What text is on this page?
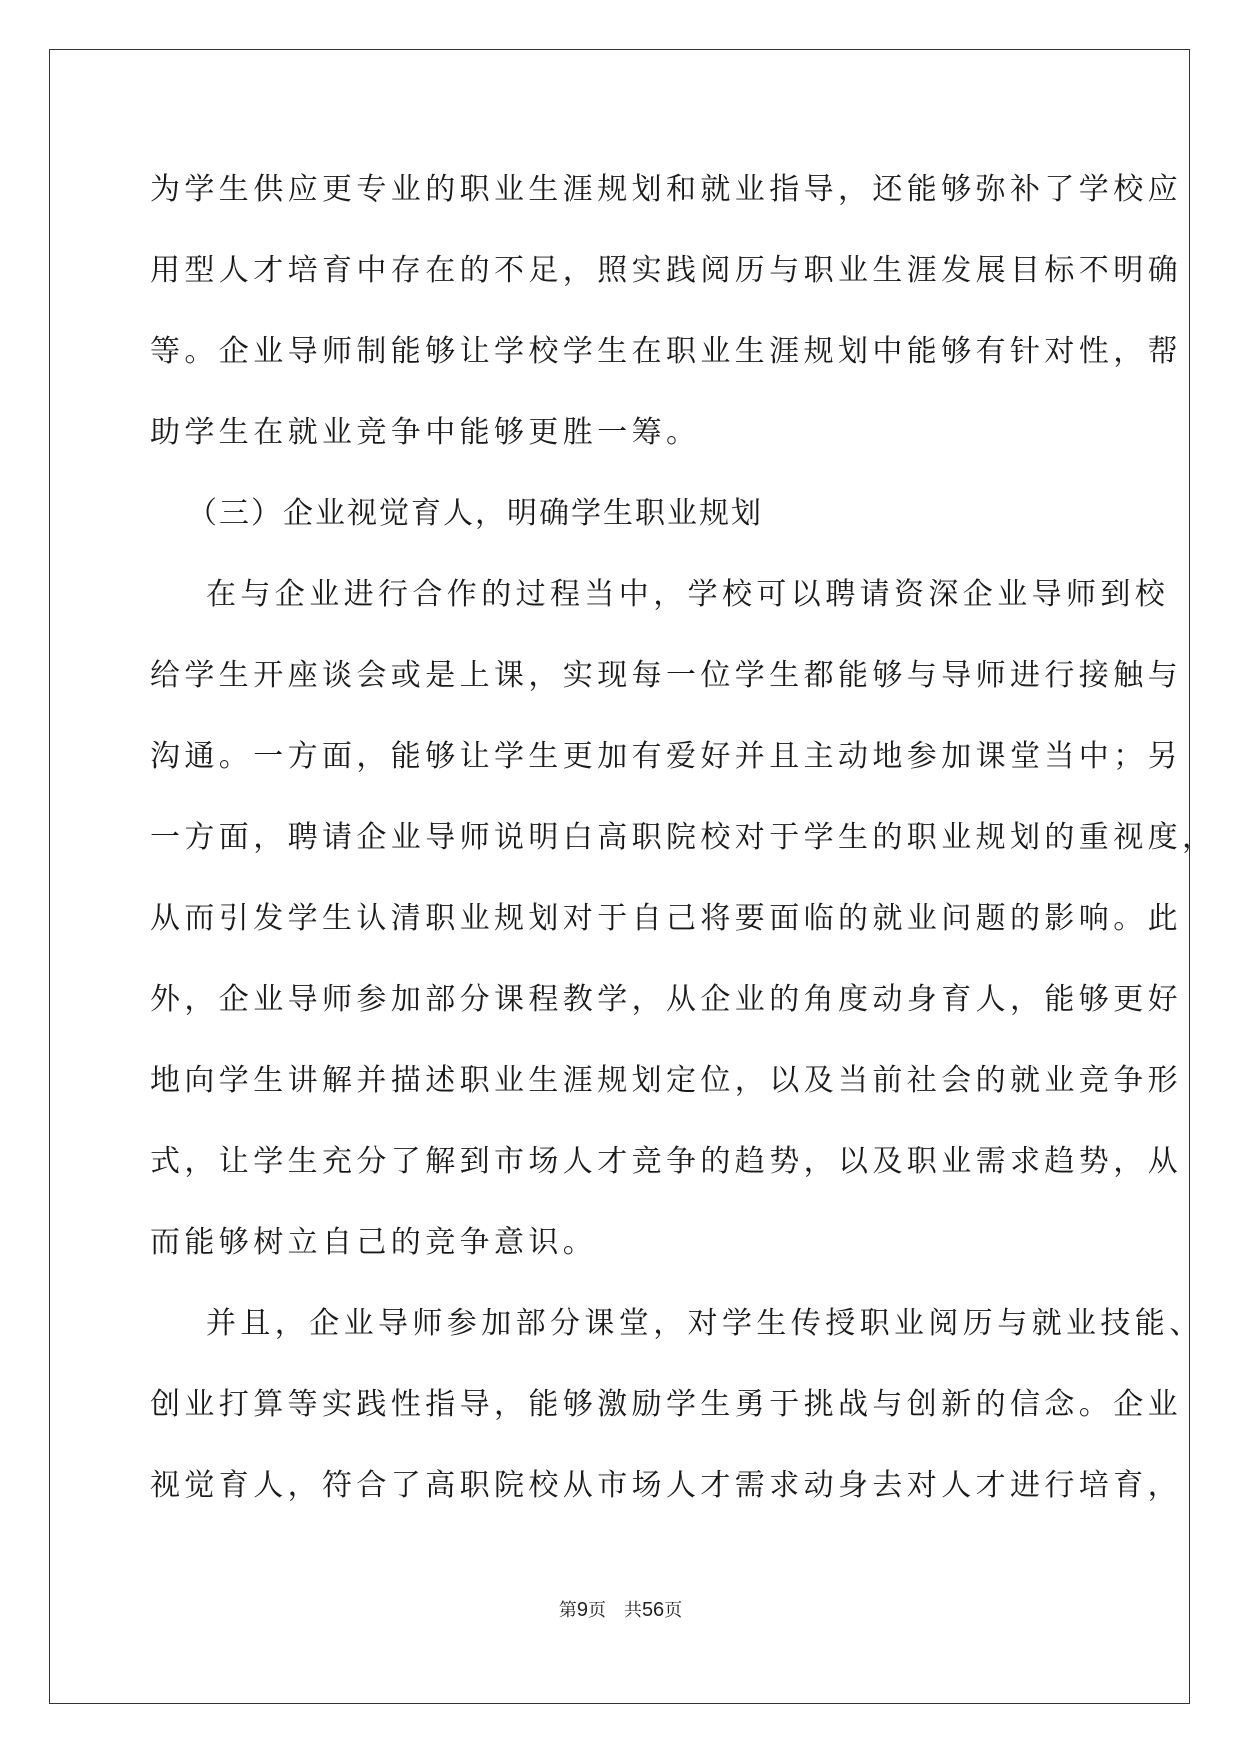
为学生供应更专业的职业生涯规划和就业指导，还能够弥补了学校应
用型人才培育中存在的不足，照实践阅历与职业生涯发展目标不明确
等。企业导师制能够让学校学生在职业生涯规划中能够有针对性，帮
助学生在就业竞争中能够更胜一筹。
（三）企业视觉育人，明确学生职业规划
在与企业进行合作的过程当中，学校可以聘请资深企业导师到校
给学生开座谈会或是上课，实现每一位学生都能够与导师进行接触与
沟通。一方面，能够让学生更加有爱好并且主动地参加课堂当中；另
一方面，聘请企业导师说明白高职院校对于学生的职业规划的重视度，
从而引发学生认清职业规划对于自己将要面临的就业问题的影响。此
外，企业导师参加部分课程教学，从企业的角度动身育人，能够更好
地向学生讲解并描述职业生涯规划定位，以及当前社会的就业竞争形
式，让学生充分了解到市场人才竞争的趋势，以及职业需求趋势，从
而能够树立自己的竞争意识。
并且，企业导师参加部分课堂，对学生传授职业阅历与就业技能、
创业打算等实践性指导，能够激励学生勇于挑战与创新的信念。企业
视觉育人，符合了高职院校从市场人才需求动身去对人才进行培育，
第9页 共56页
